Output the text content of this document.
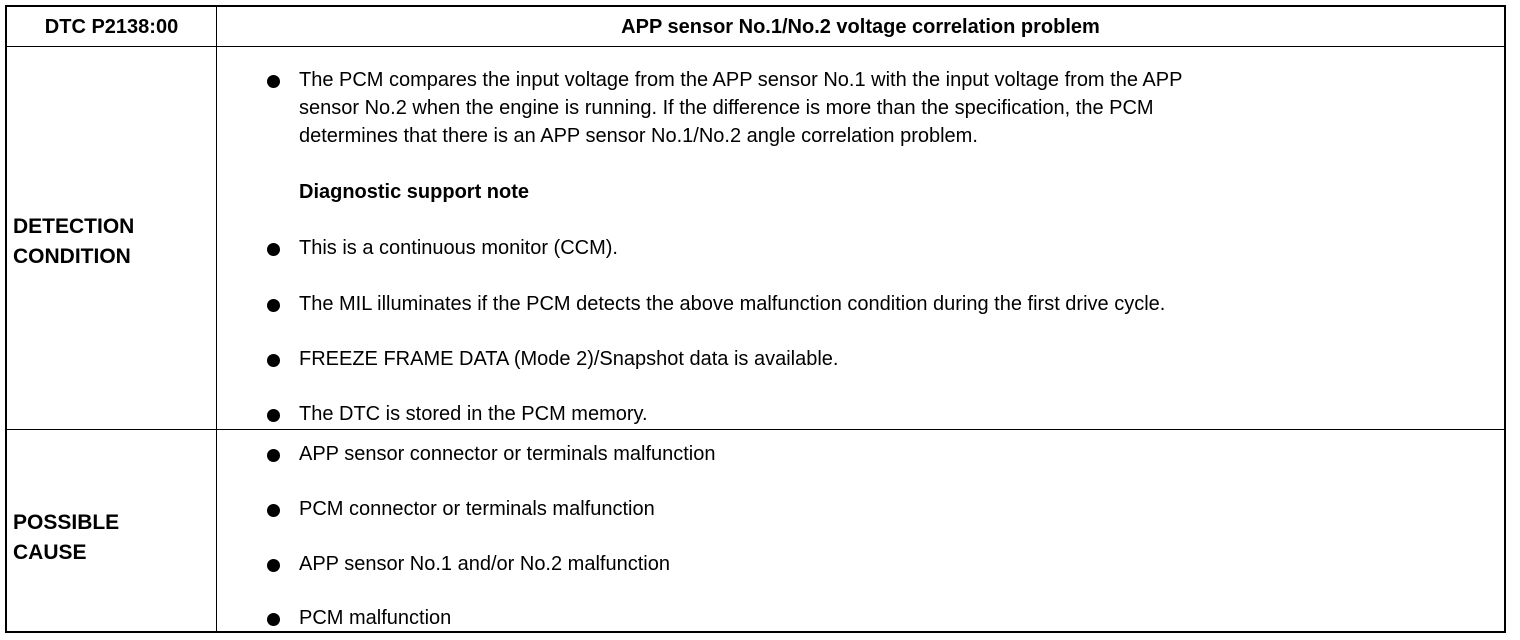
DTC P2138:00	APP sensor No.1/No.2 voltage correlation problem
DETECTION
CONDITION
The PCM compares the input voltage from the APP sensor No.1 with the input voltage from the APP
sensor No.2 when the engine is running. If the difference is more than the specification, the PCM
determines that there is an APP sensor No.1/No.2 angle correlation problem.
Diagnostic support note
This is a continuous monitor (CCM).
The MIL illuminates if the PCM detects the above malfunction condition during the first drive cycle.
FREEZE FRAME DATA (Mode 2)/Snapshot data is available.
The DTC is stored in the PCM memory.
POSSIBLE
CAUSE
APP sensor connector or terminals malfunction
PCM connector or terminals malfunction
APP sensor No.1 and/or No.2 malfunction
PCM malfunction
